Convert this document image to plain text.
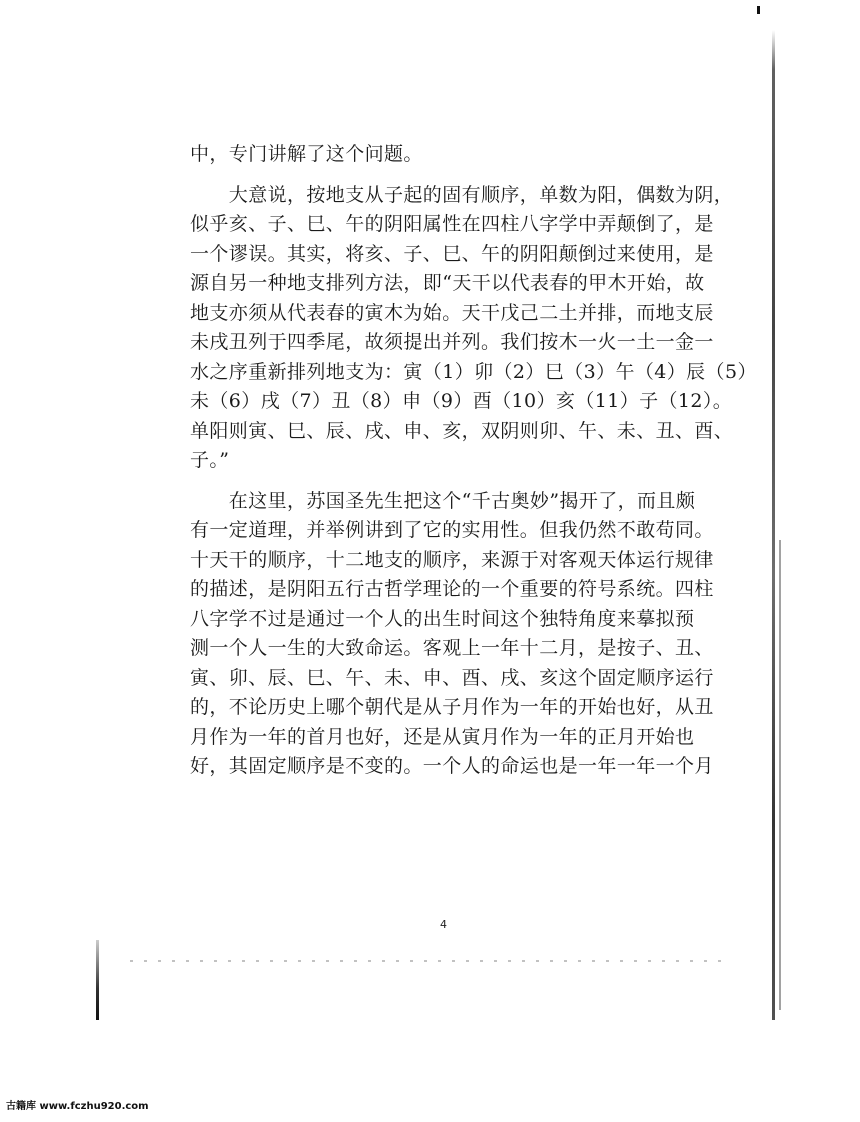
中，专门讲解了这个问题。
　　大意说，按地支从子起的固有顺序，单数为阳，偶数为阴，
似乎亥、子、巳、午的阴阳属性在四柱八字学中弄颠倒了，是
一个谬误。其实，将亥、子、巳、午的阴阳颠倒过来使用，是
源自另一种地支排列方法，即“天干以代表春的甲木开始，故
地支亦须从代表春的寅木为始。天干戊己二土并排，而地支辰
未戌丑列于四季尾，故须提出并列。我们按木一火一土一金一
水之序重新排列地支为：寅（1）卯（2）巳（3）午（4）辰（5）
未（6）戌（7）丑（8）申（9）酉（10）亥（11）子（12）。
单阳则寅、巳、辰、戌、申、亥，双阴则卯、午、未、丑、酉、
子。”
　　在这里，苏国圣先生把这个“千古奥妙”揭开了，而且颇
有一定道理，并举例讲到了它的实用性。但我仍然不敢苟同。
十天干的顺序，十二地支的顺序，来源于对客观天体运行规律
的描述，是阴阳五行古哲学理论的一个重要的符号系统。四柱
八字学不过是通过一个人的出生时间这个独特角度来摹拟预
测一个人一生的大致命运。客观上一年十二月，是按子、丑、
寅、卯、辰、巳、午、未、申、酉、戌、亥这个固定顺序运行
的，不论历史上哪个朝代是从子月作为一年的开始也好，从丑
月作为一年的首月也好，还是从寅月作为一年的正月开始也
好，其固定顺序是不变的。一个人的命运也是一年一年一个月
4
古籍库 www.fczhu920.com
